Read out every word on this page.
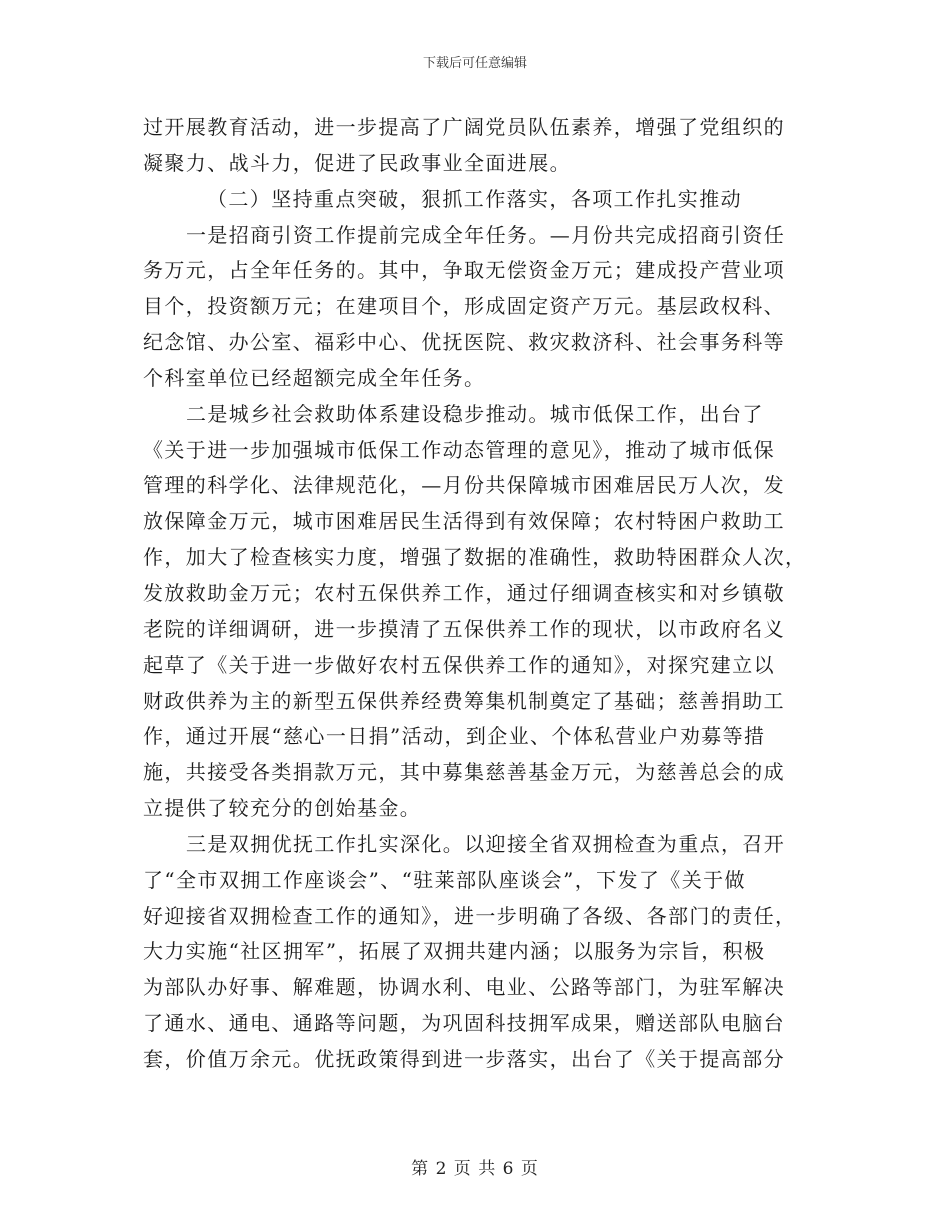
下载后可任意编辑
过开展教育活动，进一步提高了广阔党员队伍素养，增强了党组织的
凝聚力、战斗力，促进了民政事业全面进展。
（二）坚持重点突破，狠抓工作落实，各项工作扎实推动
一是招商引资工作提前完成全年任务。—月份共完成招商引资任
务万元，占全年任务的。其中，争取无偿资金万元；建成投产营业项
目个，投资额万元；在建项目个，形成固定资产万元。基层政权科、
纪念馆、办公室、福彩中心、优抚医院、救灾救济科、社会事务科等
个科室单位已经超额完成全年任务。
二是城乡社会救助体系建设稳步推动。城市低保工作，出台了
《关于进一步加强城市低保工作动态管理的意见》，推动了城市低保
管理的科学化、法律规范化，—月份共保障城市困难居民万人次，发
放保障金万元，城市困难居民生活得到有效保障；农村特困户救助工
作，加大了检查核实力度，增强了数据的准确性，救助特困群众人次，
发放救助金万元；农村五保供养工作，通过仔细调查核实和对乡镇敬
老院的详细调研，进一步摸清了五保供养工作的现状，以市政府名义
起草了《关于进一步做好农村五保供养工作的通知》，对探究建立以
财政供养为主的新型五保供养经费筹集机制奠定了基础；慈善捐助工
作，通过开展“慈心一日捐”活动，到企业、个体私营业户劝募等措
施，共接受各类捐款万元，其中募集慈善基金万元，为慈善总会的成
立提供了较充分的创始基金。
三是双拥优抚工作扎实深化。以迎接全省双拥检查为重点，召开
了“全市双拥工作座谈会”、“驻莱部队座谈会”，下发了《关于做
好迎接省双拥检查工作的通知》，进一步明确了各级、各部门的责任，
大力实施“社区拥军”，拓展了双拥共建内涵；以服务为宗旨，积极
为部队办好事、解难题，协调水利、电业、公路等部门，为驻军解决
了通水、通电、通路等问题，为巩固科技拥军成果，赠送部队电脑台
套，价值万余元。优抚政策得到进一步落实，出台了《关于提高部分
第 2 页 共 6 页
